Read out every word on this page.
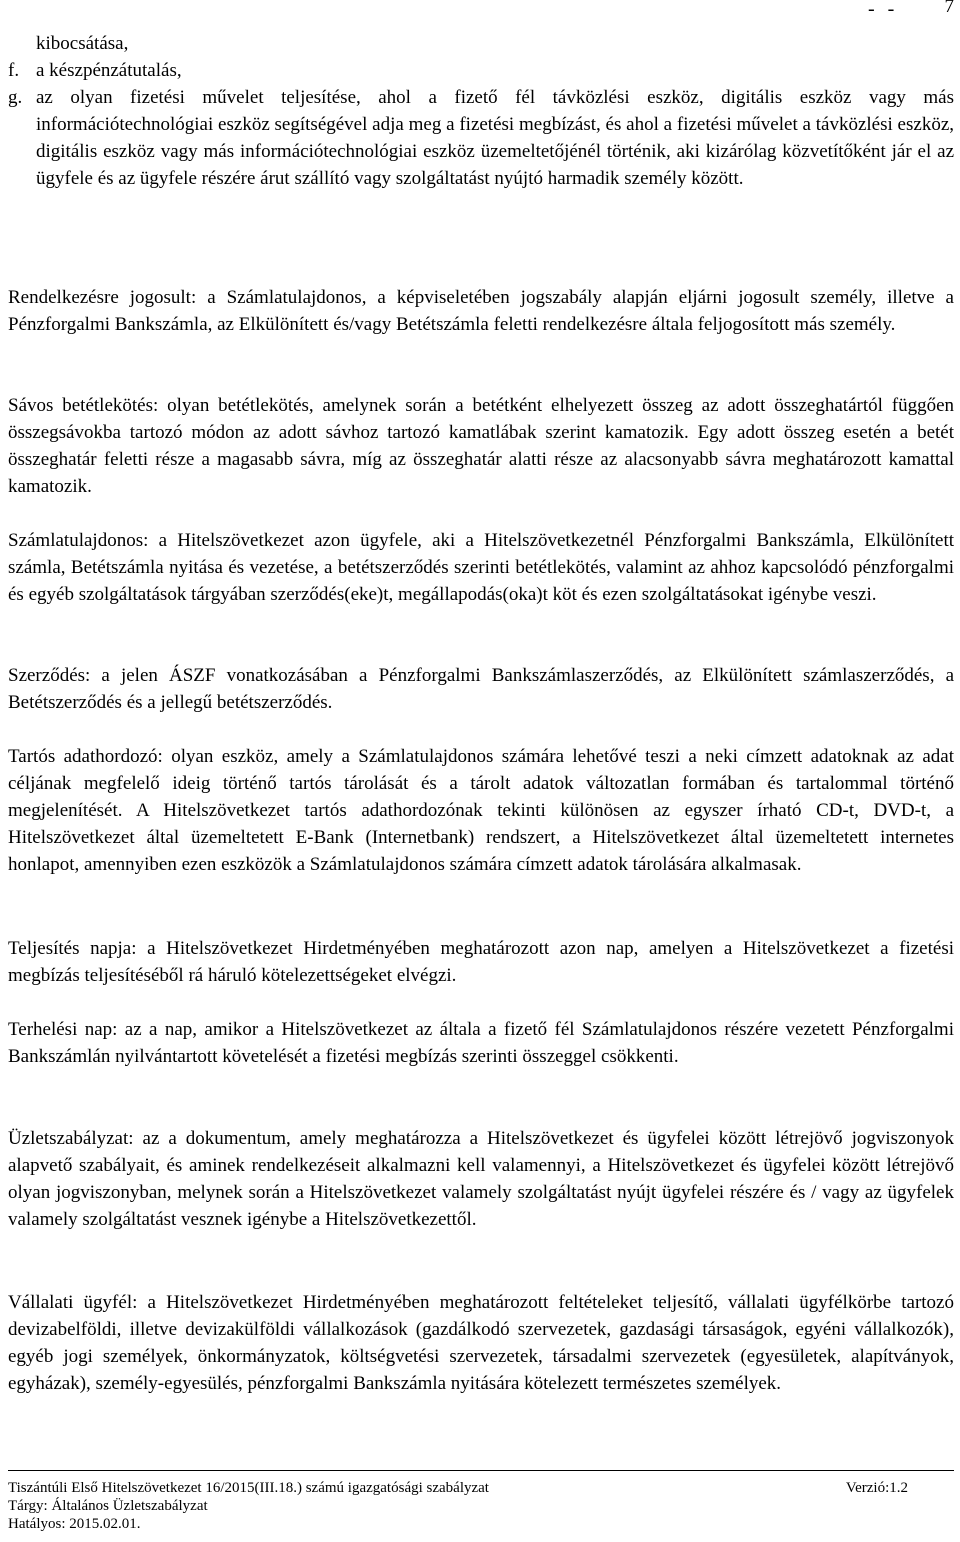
- - 7
kibocsátása,
f. a készpénzátutalás,
g. az olyan fizetési művelet teljesítése, ahol a fizető fél távközlési eszköz, digitális eszköz vagy más információtechnológiai eszköz segítségével adja meg a fizetési megbízást, és ahol a fizetési művelet a távközlési eszköz, digitális eszköz vagy más információtechnológiai eszköz üzemeltetőjénél történik, aki kizárólag közvetítőként jár el az ügyfele és az ügyfele részére árut szállító vagy szolgáltatást nyújtó harmadik személy között.

Rendelkezésre jogosult: a Számlatulajdonos, a képviseletében jogszabály alapján eljárni jogosult személy, illetve a Pénzforgalmi Bankszámla, az Elkülönített és/vagy Betétszámla feletti rendelkezésre általa feljogosított más személy.

Sávos betétlekötés: olyan betétlekötés, amelynek során a betétként elhelyezett összeg az adott összeghatártól függően összegsávokba tartozó módon az adott sávhoz tartozó kamatlábak szerint kamatozik. Egy adott összeg esetén a betét összeghatár feletti része a magasabb sávra, míg az összeghatár alatti része az alacsonyabb sávra meghatározott kamattal kamatozik.

Számlatulajdonos: a Hitelszövetkezet azon ügyfele, aki a Hitelszövetkezetnél Pénzforgalmi Bankszámla, Elkülönített számla, Betétszámla nyitása és vezetése, a betétszerződés szerinti betétlekötés, valamint az ahhoz kapcsolódó pénzforgalmi és egyéb szolgáltatások tárgyában szerződés(eke)t, megállapodás(oka)t köt és ezen szolgáltatásokat igénybe veszi.

Szerződés: a jelen ÁSZF vonatkozásában a Pénzforgalmi Bankszámlaszerződés, az Elkülönített számlaszerződés, a Betétszerződés és a jellegű betétszerződés.

Tartós adathordozó: olyan eszköz, amely a Számlatulajdonos számára lehetővé teszi a neki címzett adatoknak az adat céljának megfelelő ideig történő tartós tárolását és a tárolt adatok változatlan formában és tartalommal történő megjelenítését. A Hitelszövetkezet tartós adathordozónak tekinti különösen az egyszer írható CD-t, DVD-t, a Hitelszövetkezet által üzemeltetett E-Bank (Internetbank) rendszert, a Hitelszövetkezet által üzemeltetett internetes honlapot, amennyiben ezen eszközök a Számlatulajdonos számára címzett adatok tárolására alkalmasak.

Teljesítés napja: a Hitelszövetkezet Hirdetményében meghatározott azon nap, amelyen a Hitelszövetkezet a fizetési megbízás teljesítéséből rá háruló kötelezettségeket elvégzi.

Terhelési nap: az a nap, amikor a Hitelszövetkezet az általa a fizető fél Számlatulajdonos részére vezetett Pénzforgalmi Bankszámlán nyilvántartott követelését a fizetési megbízás szerinti összeggel csökkenti.

Üzletszabályzat: az a dokumentum, amely meghatározza a Hitelszövetkezet és ügyfelei között létrejövő jogviszonyok alapvető szabályait, és aminek rendelkezéseit alkalmazni kell valamennyi, a Hitelszövetkezet és ügyfelei között létrejövő olyan jogviszonyban, melynek során a Hitelszövetkezet valamely szolgáltatást nyújt ügyfelei részére és / vagy az ügyfelek valamely szolgáltatást vesznek igénybe a Hitelszövetkezettől.

Vállalati ügyfél: a Hitelszövetkezet Hirdetményében meghatározott feltételeket teljesítő, vállalati ügyfélkörbe tartozó devizabelföldi, illetve devizakülföldi vállalkozások (gazdálkodó szervezetek, gazdasági társaságok, egyéni vállalkozók), egyéb jogi személyek, önkormányzatok, költségvetési szervezetek, társadalmi szervezetek (egyesületek, alapítványok, egyházak), személy-egyesülés, pénzforgalmi Bankszámla nyitására kötelezett természetes személyek.

Tiszántúli Első Hitelszövetkezet 16/2015(III.18.) számú igazgatósági szabályzat	Verzió:1.2
Tárgy: Általános Üzletszabályzat
Hatályos: 2015.02.01.
